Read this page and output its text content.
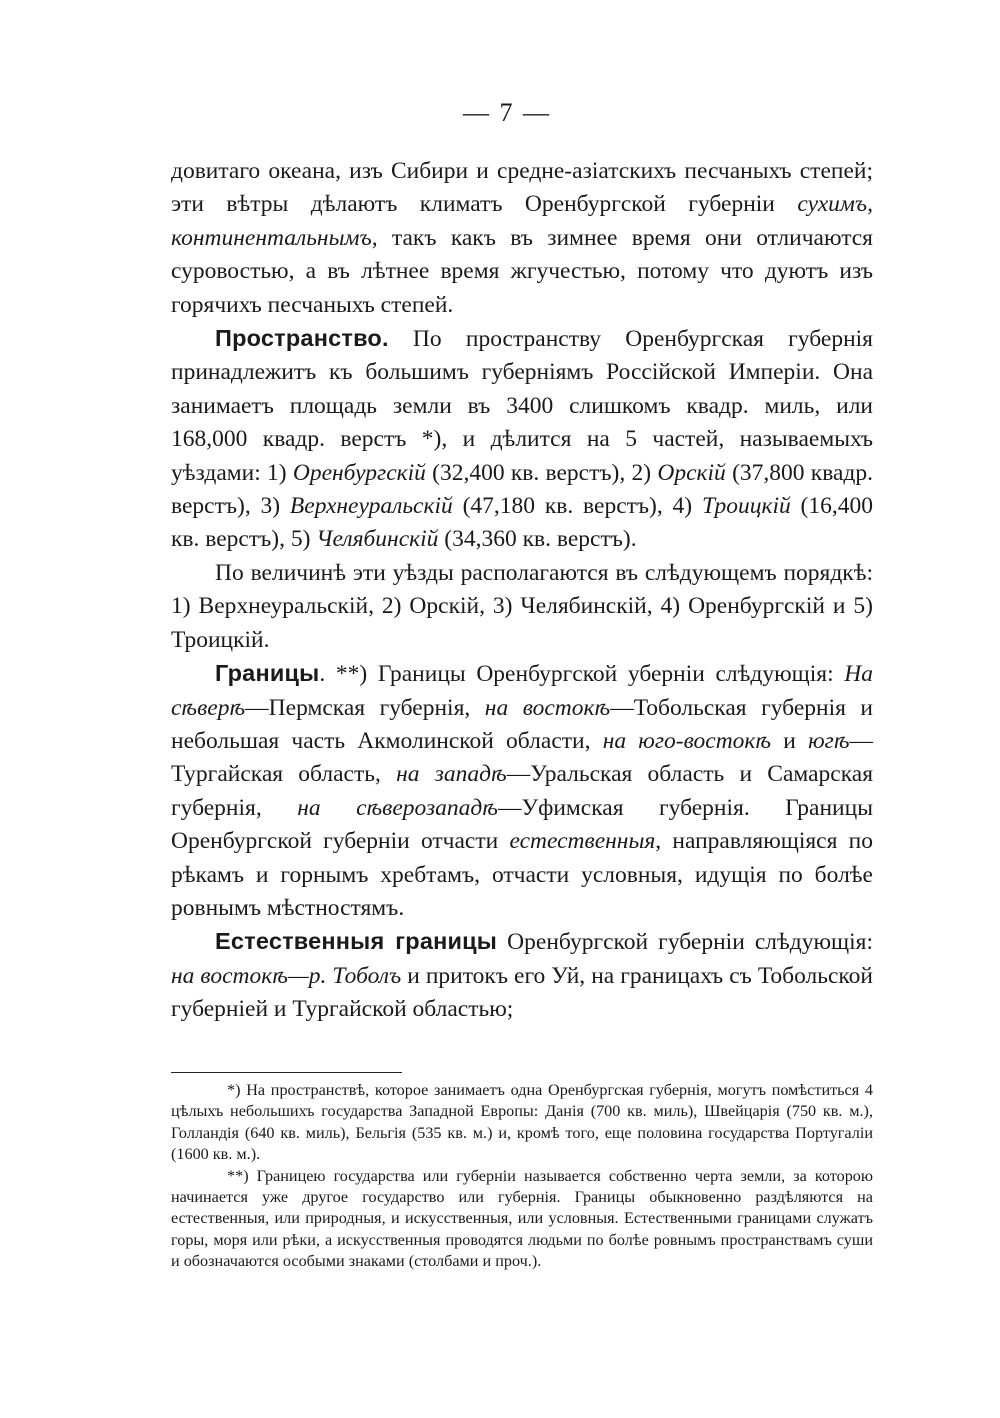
— 7 —

довитаго океана, изъ Сибири и средне-азіатскихъ песчаныхъ степей; эти вѣтры дѣлаютъ климатъ Оренбургской губерніи сухимъ, континентальнымъ, такъ какъ въ зимнее время они отличаются суровостью, а въ лѣтнее время жгучестью, потому что дуютъ изъ горячихъ песчаныхъ степей.

Пространство. По пространству Оренбургская губернія принадлежитъ къ большимъ губерніямъ Россійской Имперіи. Она занимаетъ площадь земли въ 3400 слишкомъ квадр. миль, или 168,000 квадр. верстъ *), и дѣлится на 5 частей, называемыхъ уѣздами: 1) Оренбургскій (32,400 кв. верстъ), 2) Орскій (37,800 квадр. верстъ), 3) Верхнеуральскій (47,180 кв. верстъ), 4) Троицкій (16,400 кв. верстъ), 5) Челябинскій (34,360 кв. верстъ).

По величинѣ эти уѣзды располагаются въ слѣдующемъ порядкѣ: 1) Верхнеуральскій, 2) Орскій, 3) Челябинскій, 4) Оренбургскій и 5) Троицкій.

Границы. **) Границы Оренбургской уберніи слѣдующія: На сѣверѣ—Пермская губернія, на востокѣ—Тобольская губернія и небольшая часть Акмолинской области, на юго-востокѣ и югѣ—Тургайская область, на западѣ—Уральская область и Самарская губернія, на сѣверозападѣ—Уфимская губернія. Границы Оренбургской губерніи отчасти естественныя, направляющіяся по рѣкамъ и горнымъ хребтамъ, отчасти условныя, идущія по болѣе ровнымъ мѣстностямъ.

Естественныя границы Оренбургской губерніи слѣдующія: на востокѣ—р. Тоболъ и притокъ его Уй, на границахъ съ Тобольской губерніей и Тургайской областью;

*) На пространствѣ, которое занимаетъ одна Оренбургская губернія, могутъ помѣститься 4 цѣлыхъ небольшихъ государства Западной Европы: Данія (700 кв. миль), Швейцарія (750 кв. м.), Голландія (640 кв. миль), Бельгія (535 кв. м.) и, кромѣ того, еще половина государства Португаліи (1600 кв. м.).

**) Границею государства или губерніи называется собственно черта земли, за которою начинается уже другое государство или губернія. Границы обыкновенно раздѣляются на естественныя, или природныя, и искусственныя, или условныя. Естественными границами служатъ горы, моря или рѣки, а искусственныя проводятся людьми по болѣе ровнымъ пространствамъ суши и обозначаются особыми знаками (столбами и проч.).
